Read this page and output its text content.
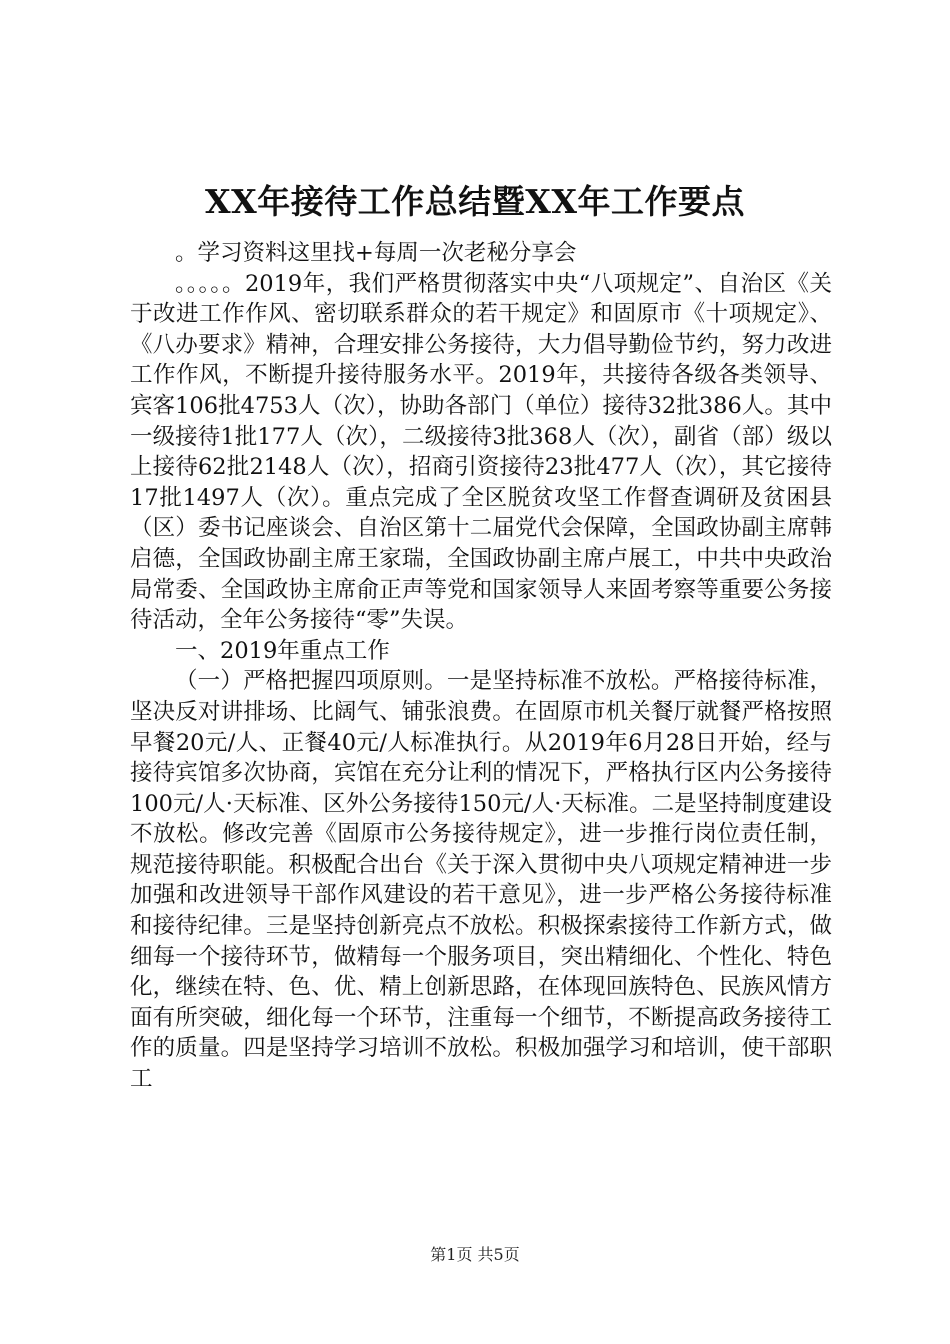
XX年接待工作总结暨XX年工作要点

。学习资料这里找+每周一次老秘分享会

。。。。。2019年，我们严格贯彻落实中央“八项规定”、自治区《关于改进工作作风、密切联系群众的若干规定》和固原市《十项规定》、《八办要求》精神，合理安排公务接待，大力倡导勤俭节约，努力改进工作作风，不断提升接待服务水平。2019年，共接待各级各类领导、宾客106批4753人（次），协助各部门（单位）接待32批386人。其中一级接待1批177人（次），二级接待3批368人（次），副省（部）级以上接待62批2148人（次），招商引资接待23批477人（次），其它接待17批1497人（次）。重点完成了全区脱贫攻坚工作督查调研及贫困县（区）委书记座谈会、自治区第十二届党代会保障，全国政协副主席韩启德，全国政协副主席王家瑞，全国政协副主席卢展工，中共中央政治局常委、全国政协主席俞正声等党和国家领导人来固考察等重要公务接待活动，全年公务接待“零”失误。

一、2019年重点工作

（一）严格把握四项原则。一是坚持标准不放松。严格接待标准，坚决反对讲排场、比阔气、铺张浪费。在固原市机关餐厅就餐严格按照早餐20元/人、正餐40元/人标准执行。从2019年6月28日开始，经与接待宾馆多次协商，宾馆在充分让利的情况下，严格执行区内公务接待100元/人·天标准、区外公务接待150元/人·天标准。二是坚持制度建设不放松。修改完善《固原市公务接待规定》，进一步推行岗位责任制，规范接待职能。积极配合出台《关于深入贯彻中央八项规定精神进一步加强和改进领导干部作风建设的若干意见》，进一步严格公务接待标准和接待纪律。三是坚持创新亮点不放松。积极探索接待工作新方式，做细每一个接待环节，做精每一个服务项目，突出精细化、个性化、特色化，继续在特、色、优、精上创新思路，在体现回族特色、民族风情方面有所突破，细化每一个环节，注重每一个细节，不断提高政务接待工作的质量。四是坚持学习培训不放松。积极加强学习和培训，使干部职工

第1页 共5页
